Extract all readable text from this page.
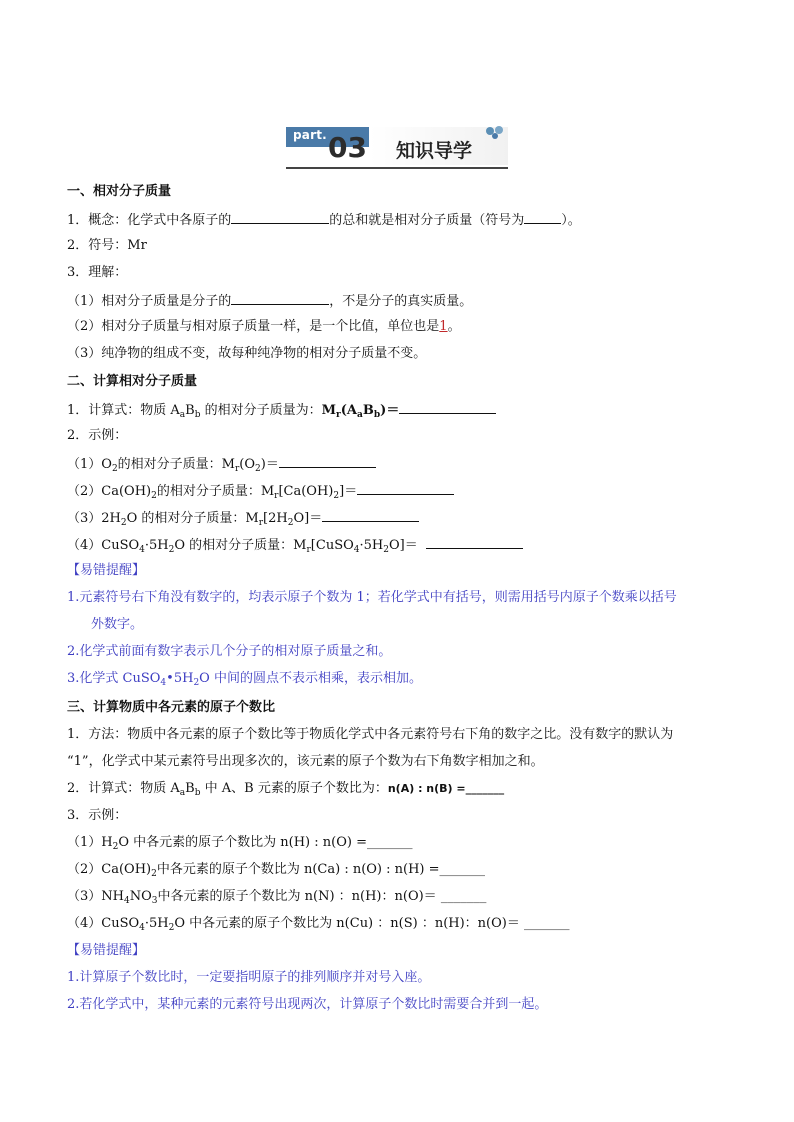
part. 03 知识导学
一、相对分子质量
1．概念：化学式中各原子的	的总和就是相对分子质量（符号为	）。
2．符号：Mr
3．理解：
（1）相对分子质量是分子的	，不是分子的真实质量。
（2）相对分子质量与相对原子质量一样，是一个比值，单位也是1。
（3）纯净物的组成不变，故每种纯净物的相对分子质量不变。
二、计算相对分子质量
1．计算式：物质 $A_aB_b$ 的相对分子质量为：$M_r(A_aB_b)=$
2．示例：
$(1)O_2$的相对分子质量：$M_r(O_2)=$
$(2)Ca(OH)_2$的相对分子质量：$M_r[Ca(OH)_2]=$
$(3)2H_2O$ 的相对分子质量：$M_r[2H_2O]=$
$(4)CuSO_4\cdot 5H_2O$ 的相对分子质量：$M_r[CuSO_4\cdot 5H_2O]=$
【易错提醒】
1.元素符号右下角没有数字的，均表示原子个数为 1；若化学式中有括号，则需用括号内原子个数乘以括号
外数字。
2.化学式前面有数字表示几个分子的相对原子质量之和。
3.化学式 $CuSO_4•5H_2O$ 中间的圆点不表示相乘，表示相加。
三、计算物质中各元素的原子个数比
1．方法：物质中各元素的原子个数比等于物质化学式中各元素符号右下角的数字之比。没有数字的默认为
“1”，化学式中某元素符号出现多次的，该元素的原子个数为右下角数字相加之和。
2．计算式：物质 $A_aB_b$ 中 A、B 元素的原子个数比为：n(A) : n(B) =_______
3．示例：
$(1)H_2O$ 中各元素的原子个数比为 n(H) : n(O) =_______
$(2)Ca(OH)_2$中各元素的原子个数比为 n(Ca) : n(O) : n(H) =_______
$(3)NH_4NO_3$中各元素的原子个数比为 n(N) ：n(H)：n(O)＝ _______
$(4)CuSO_4\cdot 5H_2O$ 中各元素的原子个数比为 n(Cu) ：n(S) ：n(H)：n(O)＝ _______
【易错提醒】
1.计算原子个数比时，一定要指明原子的排列顺序并对号入座。
2.若化学式中，某种元素的元素符号出现两次，计算原子个数比时需要合并到一起。
